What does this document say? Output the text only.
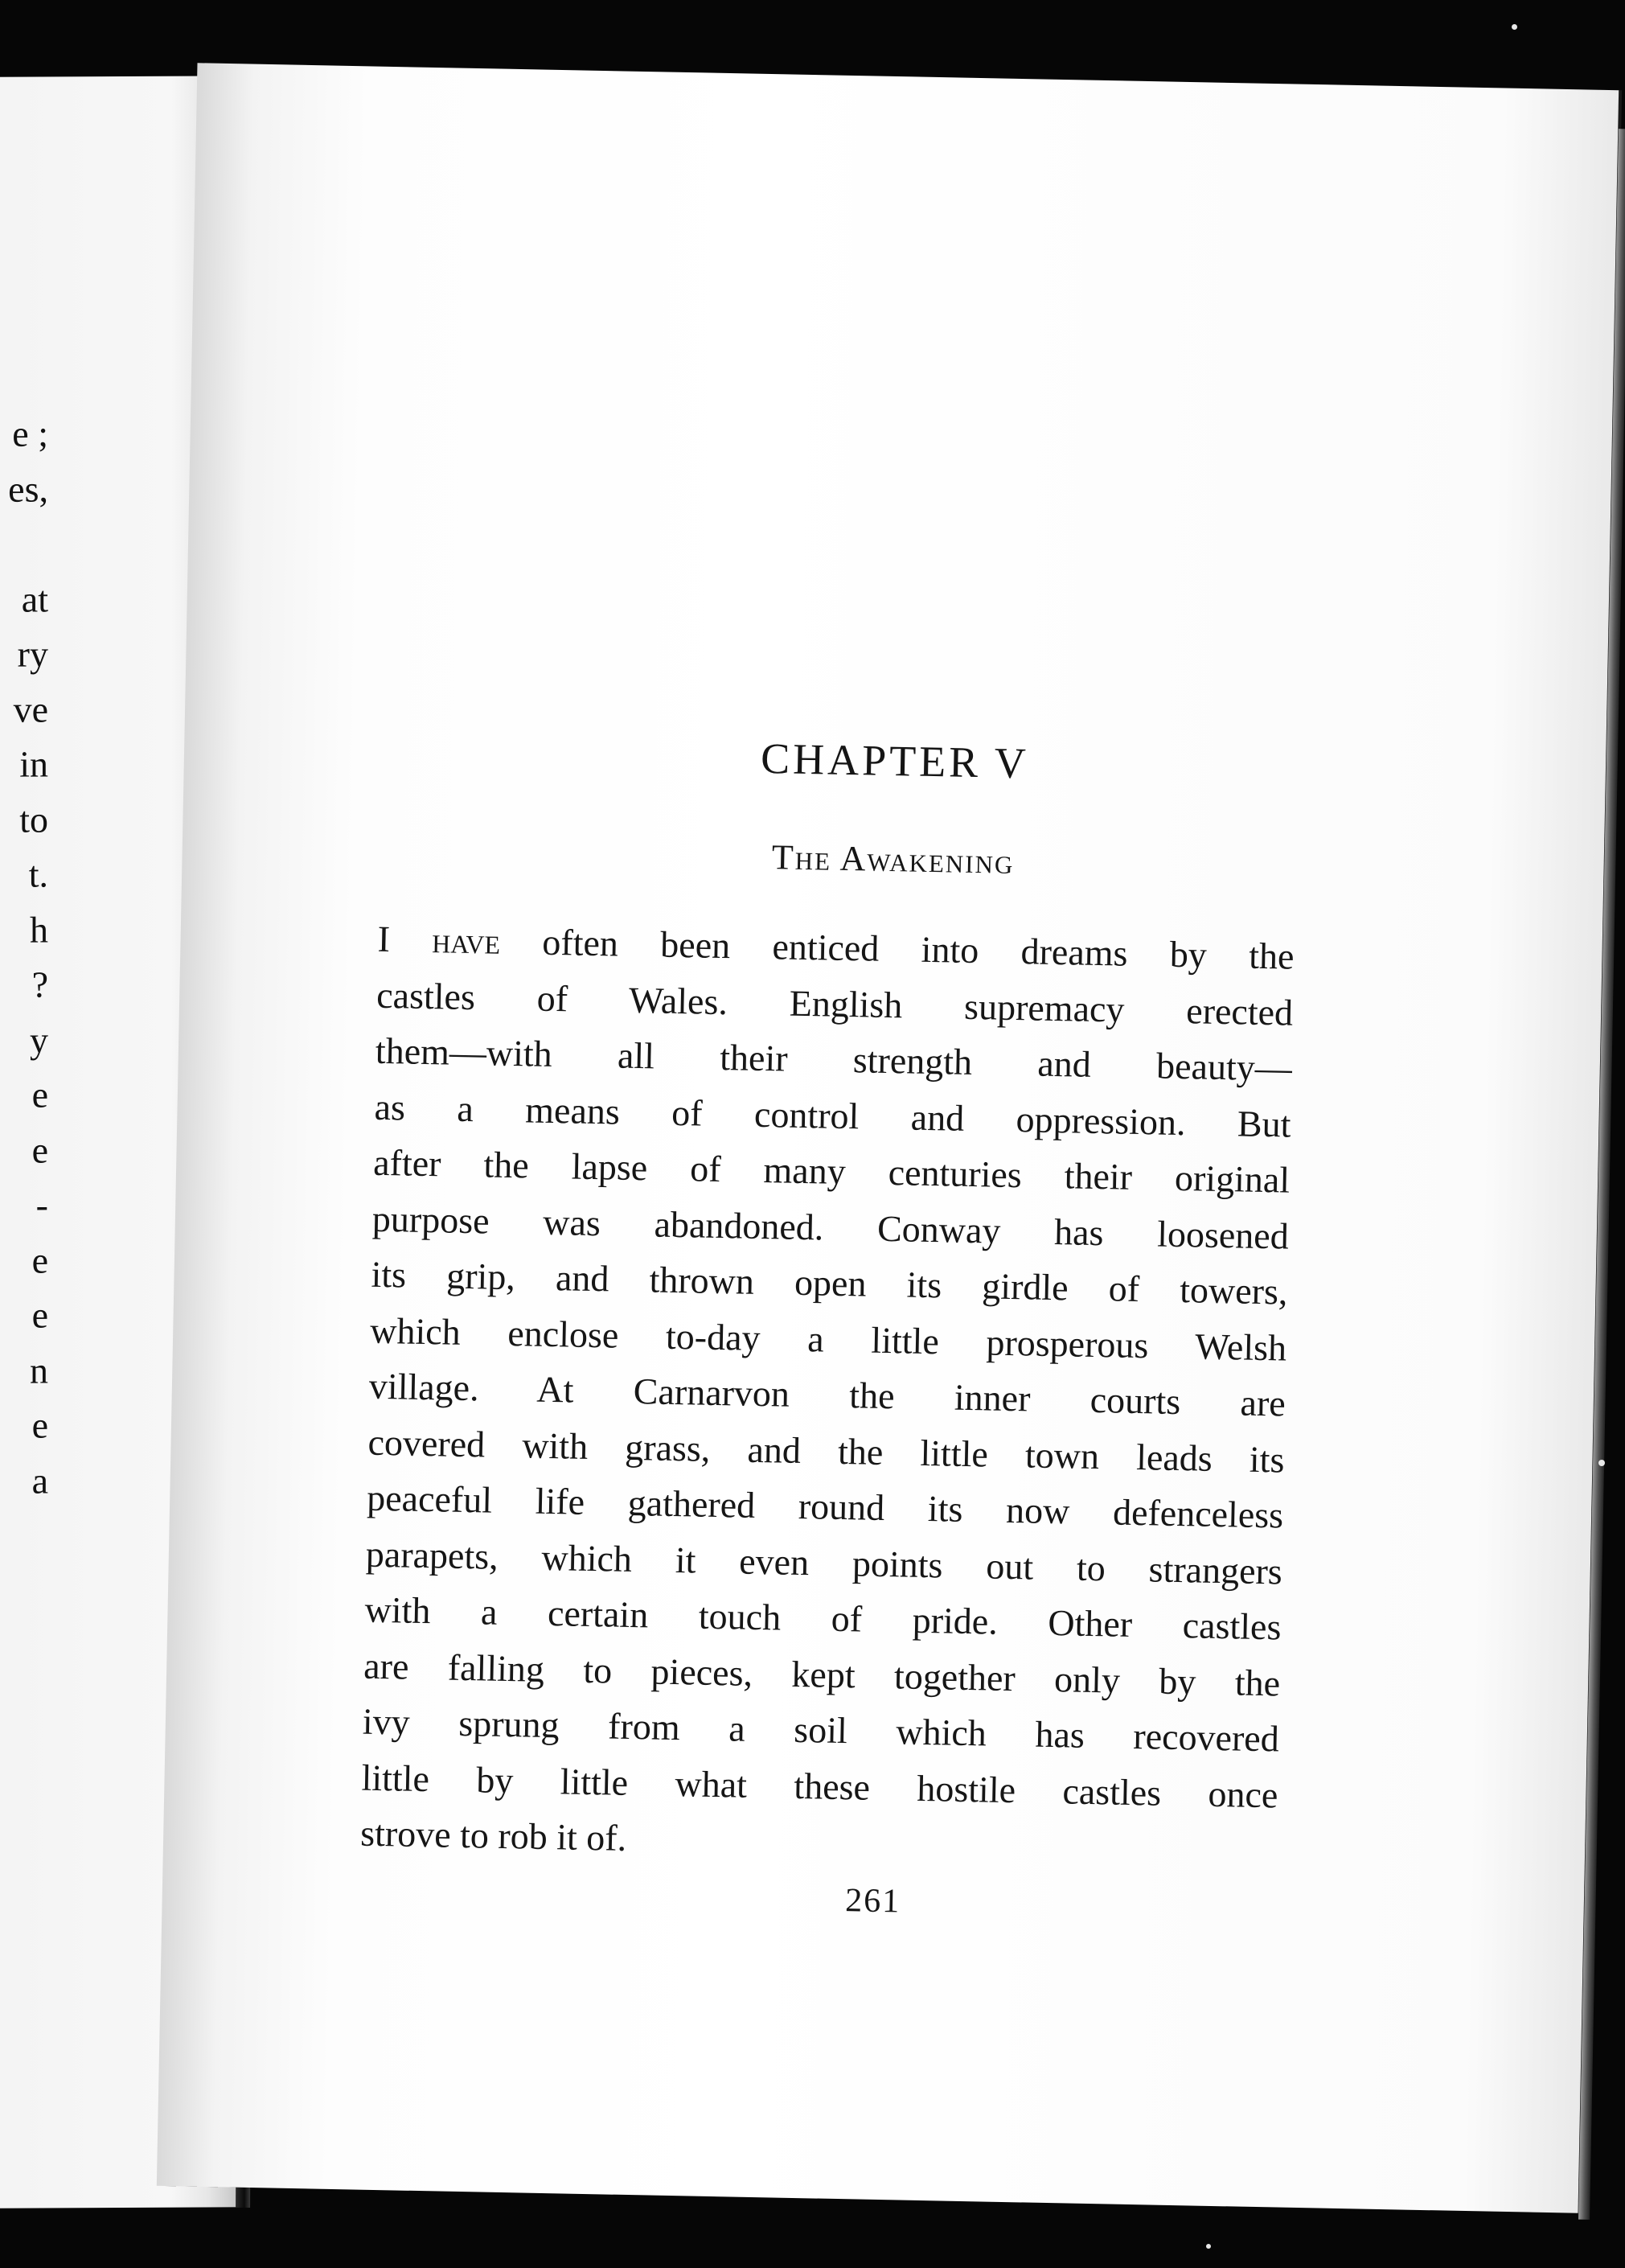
e ;
es,
at
ry
ve
in
to
t.
h
?
y
e
e
-
e
e
n
e
a
CHAPTER V
The Awakening
I have often been enticed into dreams by the
castles of Wales. English supremacy erected
them—with all their strength and beauty—
as a means of control and oppression. But
after the lapse of many centuries their original
purpose was abandoned. Conway has loosened
its grip, and thrown open its girdle of towers,
which enclose to-day a little prosperous Welsh
village. At Carnarvon the inner courts are
covered with grass, and the little town leads its
peaceful life gathered round its now defenceless
parapets, which it even points out to strangers
with a certain touch of pride. Other castles
are falling to pieces, kept together only by the
ivy sprung from a soil which has recovered
little by little what these hostile castles once
strove to rob it of.
261
